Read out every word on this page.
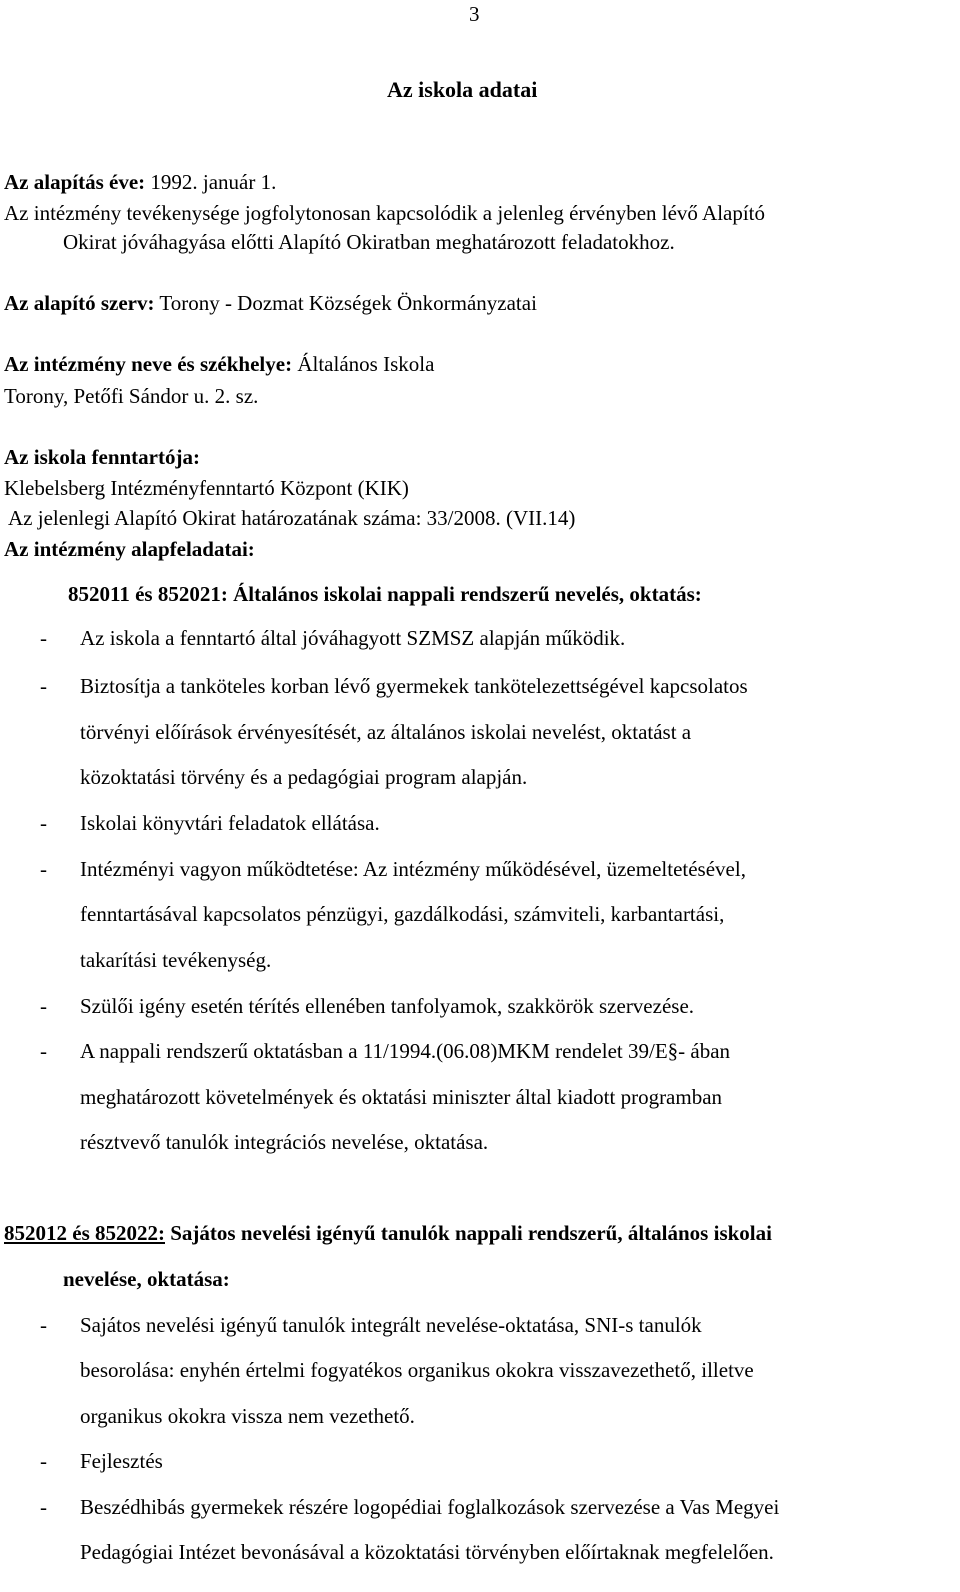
3
Az iskola adatai
Az alapítás éve: 1992. január 1.
Az intézmény tevékenysége jogfolytonosan kapcsolódik a jelenleg érvényben lévő Alapító
Okirat jóváhagyása előtti Alapító Okiratban meghatározott feladatokhoz.
Az alapító szerv: Torony - Dozmat Községek Önkormányzatai
Az intézmény neve és székhelye: Általános Iskola
Torony, Petőfi Sándor u. 2. sz.
Az iskola fenntartója:
Klebelsberg Intézményfenntartó Központ (KIK)
Az jelenlegi Alapító Okirat határozatának száma: 33/2008. (VII.14)
Az intézmény alapfeladatai:
852011 és 852021: Általános iskolai nappali rendszerű nevelés, oktatás:
- Az iskola a fenntartó által jóváhagyott SZMSZ alapján működik.
- Biztosítja a tanköteles korban lévő gyermekek tankötelezettségével kapcsolatos
törvényi előírások érvényesítését, az általános iskolai nevelést, oktatást a
közoktatási törvény és a pedagógiai program alapján.
- Iskolai könyvtári feladatok ellátása.
- Intézményi vagyon működtetése: Az intézmény működésével, üzemeltetésével,
fenntartásával kapcsolatos pénzügyi, gazdálkodási, számviteli, karbantartási,
takarítási tevékenység.
- Szülői igény esetén térítés ellenében tanfolyamok, szakkörök szervezése.
- A nappali rendszerű oktatásban a 11/1994.(06.08)MKM rendelet 39/E§- ában
meghatározott követelmények és oktatási miniszter által kiadott programban
résztvevő tanulók integrációs nevelése, oktatása.
852012 és 852022: Sajátos nevelési igényű tanulók nappali rendszerű, általános iskolai
nevelése, oktatása:
- Sajátos nevelési igényű tanulók integrált nevelése-oktatása, SNI-s tanulók
besorolása: enyhén értelmi fogyatékos organikus okokra visszavezethető, illetve
organikus okokra vissza nem vezethető.
- Fejlesztés
- Beszédhibás gyermekek részére logopédiai foglalkozások szervezése a Vas Megyei
Pedagógiai Intézet bevonásával a közoktatási törvényben előírtaknak megfelelően.
